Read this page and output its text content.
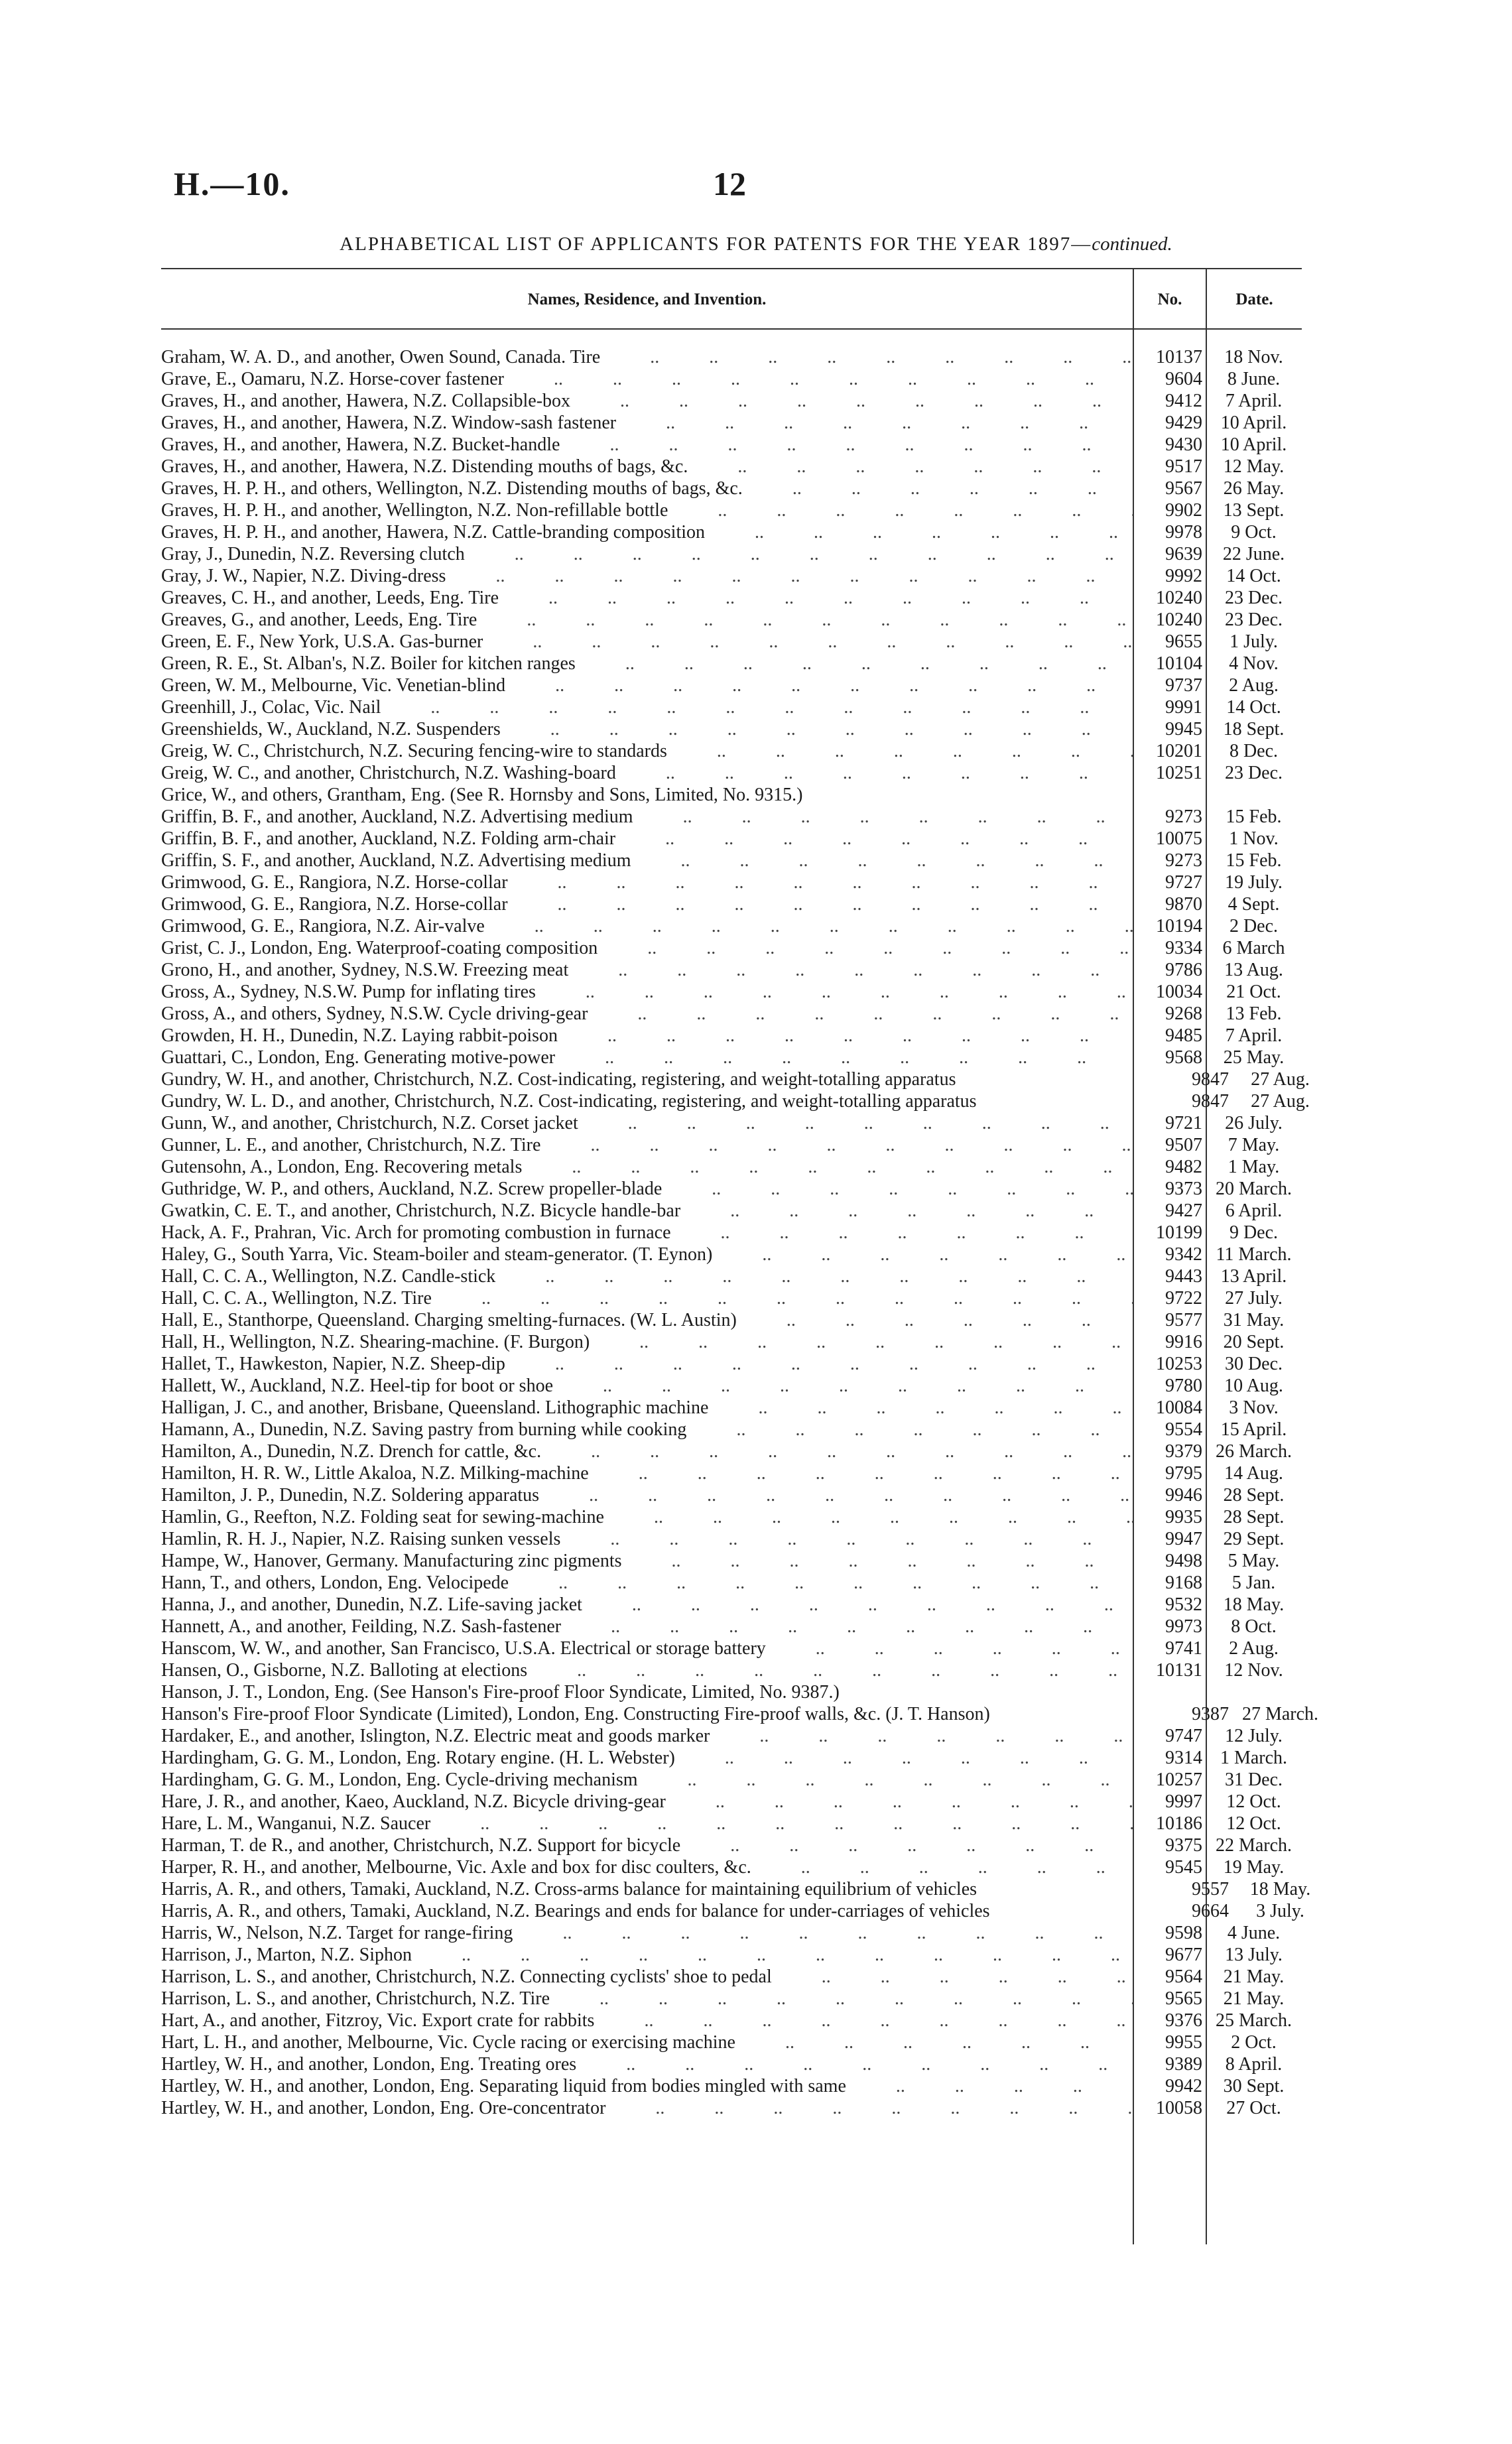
H.—10.	12
ALPHABETICAL LIST OF APPLICANTS FOR PATENTS FOR THE YEAR 1897—continued.
Names, Residence, and Invention.	No.	Date.
Graham, W. A. D., and another, Owen Sound, Canada. Tire .. ..	10137	18 Nov.
Grave, E., Oamaru, N.Z. Horse-cover fastener .. ..	9604	8 June.
Graves, H., and another, Hawera, N.Z. Collapsible-box .. ..	9412	7 April.
Graves, H., and another, Hawera, N.Z. Window-sash fastener .. ..	9429 10 April.
Graves, H., and another, Hawera, N.Z. Bucket-handle .. ..	9430 10 April.
Graves, H., and another, Hawera, N.Z. Distending mouths of bags, &c. .. ..	9517	12 May.
Graves, H. P. H., and others, Wellington, N.Z. Distending mouths of bags, &c. .. ..	9567	26 May.
Graves, H. P. H., and another, Wellington, N.Z. Non-refillable bottle .. ..	9902	13 Sept.
Graves, H. P. H., and another, Hawera, N.Z. Cattle-branding composition .. ..	9978	9 Oct.
Gray, J., Dunedin, N.Z. Reversing clutch .. ..	9639	22 June.
Gray, J. W., Napier, N.Z. Diving-dress .. ..	9992	14 Oct.
Greaves, C. H., and another, Leeds, Eng. Tire .. ..	10240	23 Dec.
Greaves, G., and another, Leeds, Eng. Tire .. ..	10240	23 Dec.
Green, E. F., New York, U.S.A. Gas-burner .. ..	9655	1 July.
Green, R. E., St. Alban's, N.Z. Boiler for kitchen ranges .. ..	10104	4 Nov.
Green, W. M., Melbourne, Vic. Venetian-blind .. ..	9737	2 Aug.
Greenhill, J., Colac, Vic. Nail .. ..	9991	14 Oct.
Greenshields, W., Auckland, N.Z. Suspenders .. ..	9945	18 Sept.
Greig, W. C., Christchurch, N.Z. Securing fencing-wire to standards .. ..	10201	8 Dec.
Greig, W. C., and another, Christchurch, N.Z. Washing-board .. ..	10251	23 Dec.
Grice, W., and others, Grantham, Eng. (See R. Hornsby and Sons, Limited, No. 9315.)
Griffin, B. F., and another, Auckland, N.Z. Advertising medium .. ..	9273	15 Feb.
Griffin, B. F., and another, Auckland, N.Z. Folding arm-chair .. ..	10075	1 Nov.
Griffin, S. F., and another, Auckland, N.Z. Advertising medium .. ..	9273	15 Feb.
Grimwood, G. E., Rangiora, N.Z. Horse-collar .. ..	9727	19 July.
Grimwood, G. E., Rangiora, N.Z. Horse-collar .. ..	9870	4 Sept.
Grimwood, G. E., Rangiora, N.Z. Air-valve .. ..	10194	2 Dec.
Grist, C. J., London, Eng. Waterproof-coating composition .. ..	9334	6 March
Grono, H., and another, Sydney, N.S.W. Freezing meat .. ..	9786	13 Aug.
Gross, A., Sydney, N.S.W. Pump for inflating tires .. ..	10034	21 Oct.
Gross, A., and others, Sydney, N.S.W. Cycle driving-gear .. ..	9268	13 Feb.
Growden, H. H., Dunedin, N.Z. Laying rabbit-poison .. ..	9485	7 April.
Guattari, C., London, Eng. Generating motive-power .. ..	9568	25 May.
Gundry, W. H., and another, Christchurch, N.Z. Cost-indicating, registering, and weight-totalling apparatus	9847	27 Aug.
Gundry, W. L. D., and another, Christchurch, N.Z. Cost-indicating, registering, and weight-totalling apparatus	9847	27 Aug.
Gunn, W., and another, Christchurch, N.Z. Corset jacket .. ..	9721	26 July.
Gunner, L. E., and another, Christchurch, N.Z. Tire .. ..	9507	7 May.
Gutensohn, A., London, Eng. Recovering metals .. ..	9482	1 May.
Guthridge, W. P., and others, Auckland, N.Z. Screw propeller-blade .. ..	9373 20 March.
Gwatkin, C. E. T., and another, Christchurch, N.Z. Bicycle handle-bar .. ..	9427	6 April.
Hack, A. F., Prahran, Vic. Arch for promoting combustion in furnace .. ..	10199	9 Dec.
Haley, G., South Yarra, Vic. Steam-boiler and steam-generator. (T. Eynon) .. ..	9342 11 March.
Hall, C. C. A., Wellington, N.Z. Candle-stick .. ..	9443 13 April.
Hall, C. C. A., Wellington, N.Z. Tire .. ..	9722	27 July.
Hall, E., Stanthorpe, Queensland. Charging smelting-furnaces. (W. L. Austin) .. ..	9577	31 May.
Hall, H., Wellington, N.Z. Shearing-machine. (F. Burgon) .. ..	9916	20 Sept.
Hallet, T., Hawkeston, Napier, N.Z. Sheep-dip .. ..	10253	30 Dec.
Hallett, W., Auckland, N.Z. Heel-tip for boot or shoe .. ..	9780	10 Aug.
Halligan, J. C., and another, Brisbane, Queensland. Lithographic machine .. ..	10084	3 Nov.
Hamann, A., Dunedin, N.Z. Saving pastry from burning while cooking .. ..	9554 15 April.
Hamilton, A., Dunedin, N.Z. Drench for cattle, &c. .. ..	9379 26 March.
Hamilton, H. R. W., Little Akaloa, N.Z. Milking-machine .. ..	9795	14 Aug.
Hamilton, J. P., Dunedin, N.Z. Soldering apparatus .. ..	9946	28 Sept.
Hamlin, G., Reefton, N.Z. Folding seat for sewing-machine .. ..	9935	28 Sept.
Hamlin, R. H. J., Napier, N.Z. Raising sunken vessels .. ..	9947	29 Sept.
Hampe, W., Hanover, Germany. Manufacturing zinc pigments .. ..	9498	5 May.
Hann, T., and others, London, Eng. Velocipede .. ..	9168	5 Jan.
Hanna, J., and another, Dunedin, N.Z. Life-saving jacket .. ..	9532	18 May.
Hannett, A., and another, Feilding, N.Z. Sash-fastener .. ..	9973	8 Oct.
Hanscom, W. W., and another, San Francisco, U.S.A. Electrical or storage battery .. ..	9741	2 Aug.
Hansen, O., Gisborne, N.Z. Balloting at elections .. ..	10131	12 Nov.
Hanson, J. T., London, Eng. (See Hanson's Fire-proof Floor Syndicate, Limited, No. 9387.)
Hanson's Fire-proof Floor Syndicate (Limited), London, Eng. Constructing Fire-proof walls, &c. (J. T. Hanson)	9387 27 March.
Hardaker, E., and another, Islington, N.Z. Electric meat and goods marker .. ..	9747	12 July.
Hardingham, G. G. M., London, Eng. Rotary engine. (H. L. Webster) .. ..	9314 1 March.
Hardingham, G. G. M., London, Eng. Cycle-driving mechanism .. ..	10257	31 Dec.
Hare, J. R., and another, Kaeo, Auckland, N.Z. Bicycle driving-gear .. ..	9997	12 Oct.
Hare, L. M., Wanganui, N.Z. Saucer .. ..	10186	12 Oct.
Harman, T. de R., and another, Christchurch, N.Z. Support for bicycle .. ..	9375 22 March.
Harper, R. H., and another, Melbourne, Vic. Axle and box for disc coulters, &c. .. ..	9545	19 May.
Harris, A. R., and others, Tamaki, Auckland, N.Z. Cross-arms balance for maintaining equilibrium of vehicles	9557	18 May.
Harris, A. R., and others, Tamaki, Auckland, N.Z. Bearings and ends for balance for under-carriages of vehicles	9664	3 July.
Harris, W., Nelson, N.Z. Target for range-firing .. ..	9598	4 June.
Harrison, J., Marton, N.Z. Siphon .. ..	9677	13 July.
Harrison, L. S., and another, Christchurch, N.Z. Connecting cyclists' shoe to pedal .. ..	9564	21 May.
Harrison, L. S., and another, Christchurch, N.Z. Tire .. ..	9565	21 May.
Hart, A., and another, Fitzroy, Vic. Export crate for rabbits .. ..	9376 25 March.
Hart, L. H., and another, Melbourne, Vic. Cycle racing or exercising machine .. ..	9955	2 Oct.
Hartley, W. H., and another, London, Eng. Treating ores .. ..	9389	8 April.
Hartley, W. H., and another, London, Eng. Separating liquid from bodies mingled with same .. ..	9942	30 Sept.
Hartley, W. H., and another, London, Eng. Ore-concentrator .. ..	10058	27 Oct.
